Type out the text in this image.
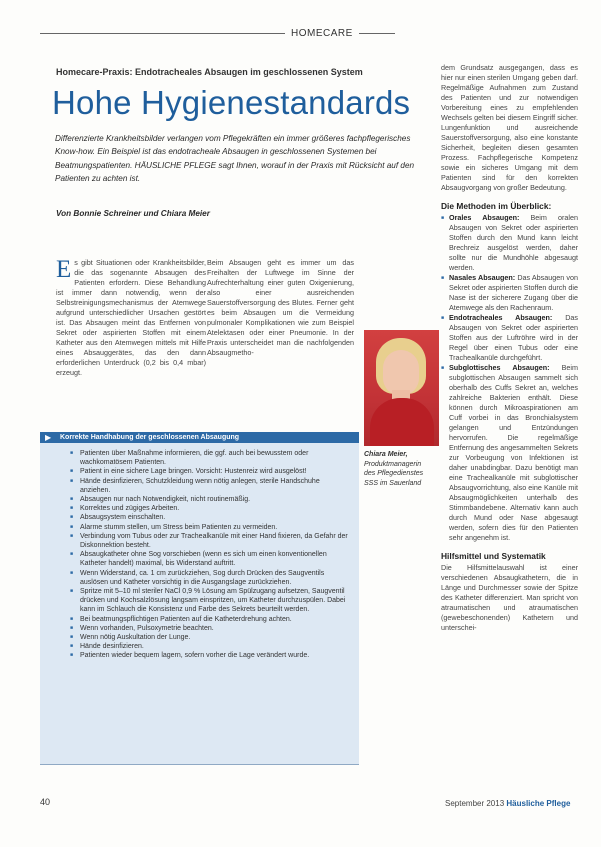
HOMECARE
Homecare-Praxis: Endotracheales Absaugen im geschlossenen System
Hohe Hygienestandards
Differenzierte Krankheitsbilder verlangen vom Pflegekräften ein immer größeres fachpflegerisches Know-how. Ein Beispiel ist das endotracheale Absaugen in geschlossenen Systemen bei Beatmungspatienten. HÄUSLICHE PFLEGE sagt Ihnen, worauf in der Praxis mit Rücksicht auf den Patienten zu achten ist.
Von Bonnie Schreiner und Chiara Meier
Es gibt Situationen oder Krankheitsbilder, die das sogenannte Absaugen des Patienten erfordern. Diese Behandlung ist immer dann notwendig, wenn der Selbstreinigungsmechanismus der Atemwege aufgrund unterschiedlicher Ursachen gestört ist. Das Absaugen meint das Entfernen von Sekret oder aspirierten Stoffen mit einem Katheter aus den Atemwegen mittels mit Hilfe eines Absauggerätes, das den dann erforderlichen Unterdruck (0,2 bis 0,4 mbar) erzeugt.
Beim Absaugen geht es immer um das Freihalten der Luftwege im Sinne der Aufrechterhaltung einer guten Oxigenierung, also einer ausreichenden Sauerstoffversorgung des Blutes. Ferner geht es beim Absaugen um die Vermeidung pulmonaler Komplikationen wie zum Beispiel Atelektasen oder einer Pneumonie. In der Praxis unterscheidet man die nachfolgenden Absaugmetho-
Chiara Meier, Produktmanagerin des Pflegedienstes SSS im Sauerland
Korrekte Handhabung der geschlossenen Absaugung
▶
■ Patienten über Maßnahme informieren, die ggf. auch bei bewusstem oder wachkomatösem Patienten.
■ Patient in eine sichere Lage bringen. Vorsicht: Hustenreiz wird ausgelöst!
■ Hände desinfizieren, Schutzkleidung wenn nötig anlegen, sterile Handschuhe anziehen.
■ Absaugen nur nach Notwendigkeit, nicht routinemäßig.
■ Korrektes und zügiges Arbeiten.
■ Absaugsystem einschalten.
■ Alarme stumm stellen, um Stress beim Patienten zu vermeiden.
■ Verbindung vom Tubus oder zur Trachealkanüle mit einer Hand fixieren, da Gefahr der Diskonnektion besteht.
■ Absaugkatheter ohne Sog vorschieben (wenn es sich um einen konventionellen Katheter handelt) maximal, bis Widerstand auftritt.
■ Wenn Widerstand, ca. 1 cm zurückziehen, Sog durch Drücken des Saugventils auslösen und Katheter vorsichtig in die Ausgangslage zurückziehen.
■ Spritze mit 5–10 ml steriler NaCl 0,9 % Lösung am Spülzugang aufsetzen, Saugventil drücken und Kochsalzlösung langsam einspritzen, um Katheter durchzuspülen. Dabei kann im Schlauch die Konsistenz und Farbe des Sekrets beurteilt werden.
■ Bei beatmungspflichtigen Patienten auf die Katheterdrehung achten.
■ Wenn vorhanden, Pulsoxymetrie beachten.
■ Wenn nötig Auskultation der Lunge.
■ Hände desinfizieren.
■ Patienten wieder bequem lagern, sofern vorher die Lage verändert wurde.
dem Grundsatz ausgegangen, dass es hier nur einen sterilen Umgang geben darf. Regelmäßige Aufnahmen zum Zustand des Patienten und zur notwendigen Vorbereitung eines zu empfehlenden Wechsels gelten bei diesem Eingriff sicher. Lungenfunktion und ausreichende Sauerstoffversorgung, also eine konstante Sicherheit, begleiten diesen gesamten Prozess. Fachpflegerische Kompetenz sowie ein sicheres Umgang mit dem Patienten sind für den korrekten Absaugvorgang von großer Bedeutung.
Die Methoden im Überblick:
■ Orales Absaugen: Beim oralen Absaugen von Sekret oder aspirierten Stoffen durch den Mund kann leicht Brechreiz ausgelöst werden, daher sollte nur die Mundhöhle abgesaugt werden.
■ Nasales Absaugen: Das Absaugen von Sekret oder aspirierten Stoffen durch die Nase ist der sicherere Zugang über die Atemwege als den Rachenraum.
■ Endotracheales Absaugen: Das Absaugen von Sekret oder aspirierten Stoffen aus der Luftröhre wird in der Regel über einen Tubus oder eine Trachealkanüle durchgeführt.
■ Subglottisches Absaugen: Beim subglottischen Absaugen sammelt sich oberhalb des Cuffs Sekret an, welches zahlreiche Bakterien enthält. Diese können durch Mikroaspirationen am Cuff vorbei in das Bronchialsystem gelangen und Entzündungen hervorrufen. Die regelmäßige Entfernung des angesammelten Sekrets zur Vorbeugung von Infektionen ist daher unabdingbar. Dazu benötigt man eine Trachealkanüle mit subglottischer Absaugvorrichtung, also eine Kanüle mit Absaugmöglichkeiten unterhalb des Stimmbandebene. Alternativ kann auch durch Mund oder Nase abgesaugt werden, sofern dies für den Patienten sehr angenehm ist.
Hilfsmittel und Systematik
Die Hilfsmittelauswahl ist einer verschiedenen Absaugkathetern, die in Länge und Durchmesser sowie der Spitze des Katheter differenziert. Man spricht von atraumatischen und atraumatischen (gewebeschonenden) Kathetern und unterschei-
40	September 2013 Häusliche Pflege
